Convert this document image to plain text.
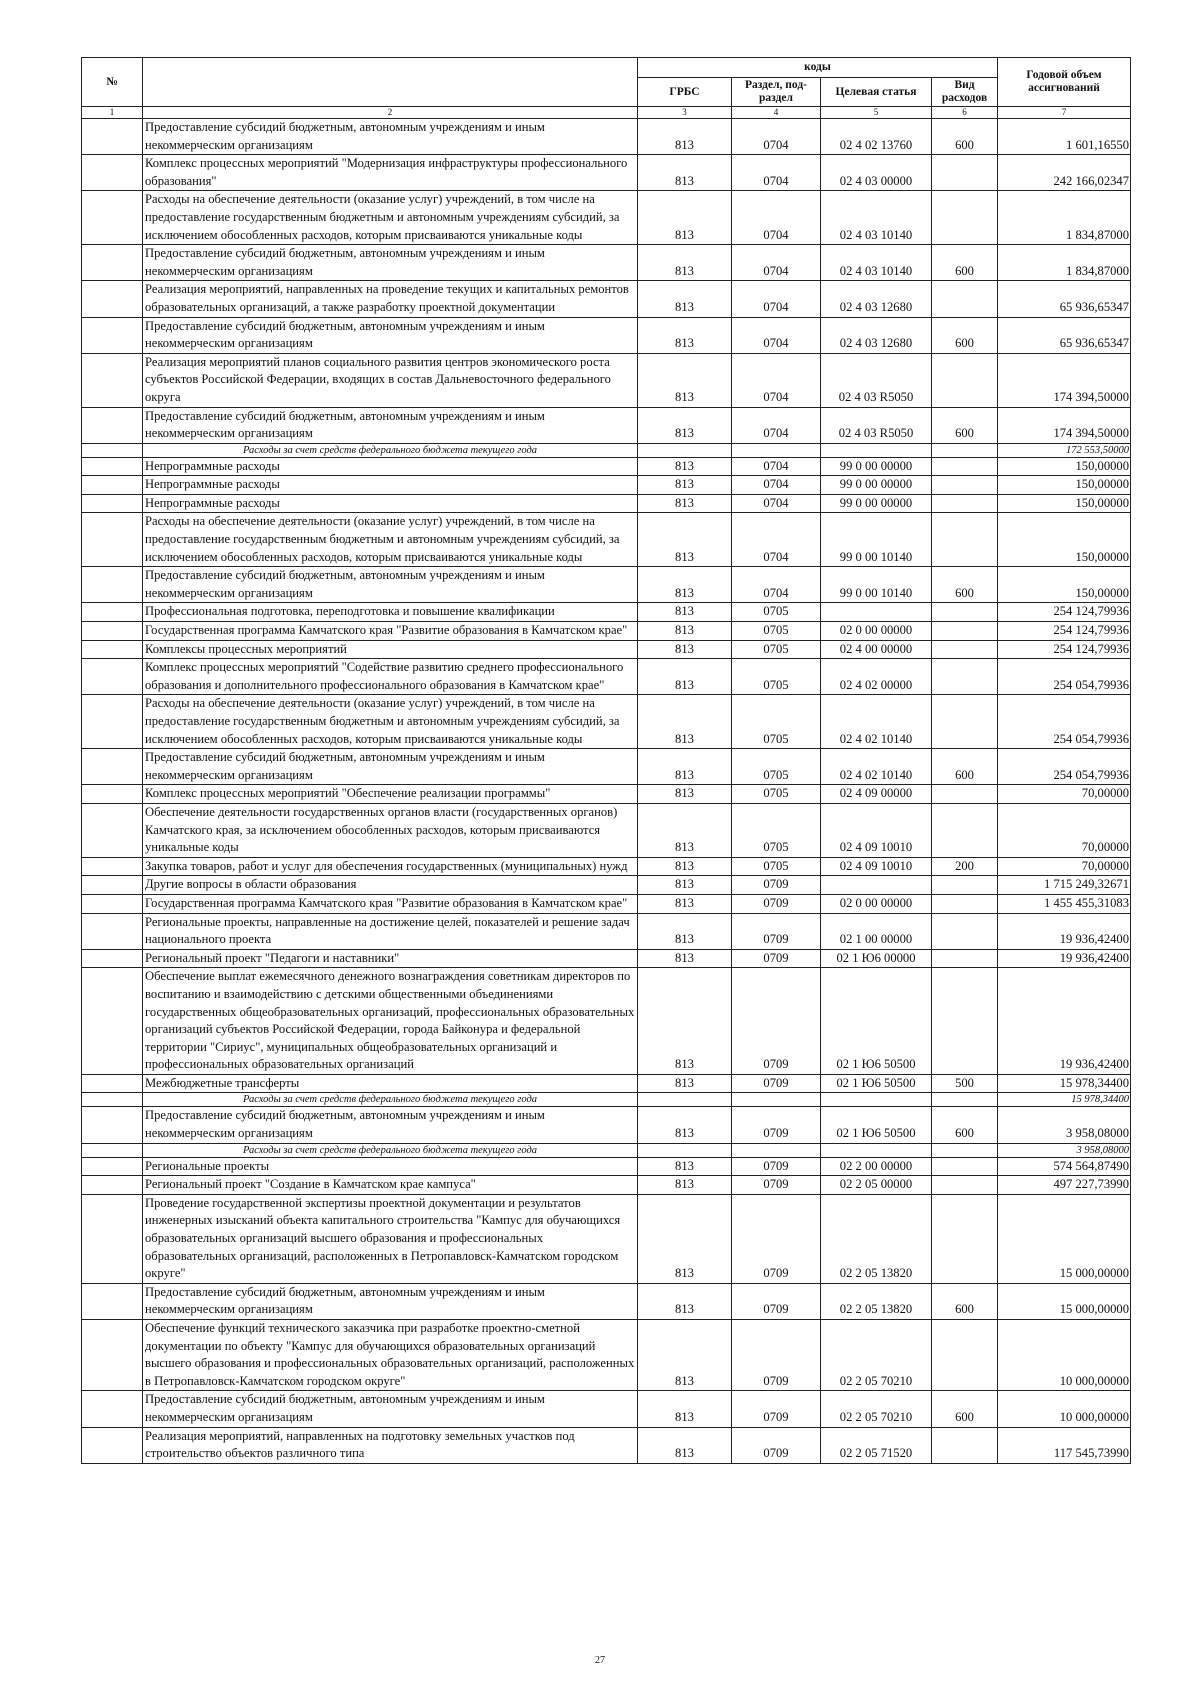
№		коды				Годовой объем ассигнований
		ГРБС	Раздел, под-раздел	Целевая статья	Вид расходов	
1	2	3	4	5	6	7
	Предоставление субсидий бюджетным, автономным учреждениям и иным некоммерческим организациям	813	0704	02 4 02 13760	600	1 601,16550
	Комплекс процессных мероприятий "Модернизация инфраструктуры профессионального образования"	813	0704	02 4 03 00000		242 166,02347
	Расходы на обеспечение деятельности (оказание услуг) учреждений, в том числе на предоставление государственным бюджетным и автономным учреждениям субсидий, за исключением обособленных расходов, которым присваиваются уникальные коды	813	0704	02 4 03 10140		1 834,87000
	Предоставление субсидий бюджетным, автономным учреждениям и иным некоммерческим организациям	813	0704	02 4 03 10140	600	1 834,87000
	Реализация мероприятий, направленных на проведение текущих и капитальных ремонтов образовательных организаций, а также разработку проектной документации	813	0704	02 4 03 12680		65 936,65347
	Предоставление субсидий бюджетным, автономным учреждениям и иным некоммерческим организациям	813	0704	02 4 03 12680	600	65 936,65347
	Реализация мероприятий планов социального развития центров экономического роста субъектов Российской Федерации, входящих в состав Дальневосточного федерального округа	813	0704	02 4 03 R5050		174 394,50000
	Предоставление субсидий бюджетным, автономным учреждениям и иным некоммерческим организациям	813	0704	02 4 03 R5050	600	174 394,50000
	Расходы за счет средств федерального бюджета текущего года					172 553,50000
	Непрограммные расходы	813	0704	99 0 00 00000		150,00000
	Непрограммные расходы	813	0704	99 0 00 00000		150,00000
	Непрограммные расходы	813	0704	99 0 00 00000		150,00000
	Расходы на обеспечение деятельности (оказание услуг) учреждений, в том числе на предоставление государственным бюджетным и автономным учреждениям субсидий, за исключением обособленных расходов, которым присваиваются уникальные коды	813	0704	99 0 00 10140		150,00000
	Предоставление субсидий бюджетным, автономным учреждениям и иным некоммерческим организациям	813	0704	99 0 00 10140	600	150,00000
	Профессиональная подготовка, переподготовка и повышение квалификации	813	0705			254 124,79936
	Государственная программа Камчатского края "Развитие образования в Камчатском крае"	813	0705	02 0 00 00000		254 124,79936
	Комплексы процессных мероприятий	813	0705	02 4 00 00000		254 124,79936
	Комплекс процессных мероприятий "Содействие развитию среднего профессионального образования и дополнительного профессионального образования в Камчатском крае"	813	0705	02 4 02 00000		254 054,79936
	Расходы на обеспечение деятельности (оказание услуг) учреждений, в том числе на предоставление государственным бюджетным и автономным учреждениям субсидий, за исключением обособленных расходов, которым присваиваются уникальные коды	813	0705	02 4 02 10140		254 054,79936
	Предоставление субсидий бюджетным, автономным учреждениям и иным некоммерческим организациям	813	0705	02 4 02 10140	600	254 054,79936
	Комплекс процессных мероприятий "Обеспечение реализации программы"	813	0705	02 4 09 00000		70,00000
	Обеспечение деятельности государственных органов власти (государственных органов) Камчатского края, за исключением обособленных расходов, которым присваиваются уникальные коды	813	0705	02 4 09 10010		70,00000
	Закупка товаров, работ и услуг для обеспечения государственных (муниципальных) нужд	813	0705	02 4 09 10010	200	70,00000
	Другие вопросы в области образования	813	0709			1 715 249,32671
	Государственная программа Камчатского края "Развитие образования в Камчатском крае"	813	0709	02 0 00 00000		1 455 455,31083
	Региональные проекты, направленные на достижение целей, показателей и решение задач национального проекта	813	0709	02 1 00 00000		19 936,42400
	Региональный проект "Педагоги и наставники"	813	0709	02 1 Ю6 00000		19 936,42400
	Обеспечение выплат ежемесячного денежного вознаграждения советникам директоров по воспитанию и взаимодействию с детскими общественными объединениями государственных общеобразовательных организаций, профессиональных образовательных организаций субъектов Российской Федерации, города Байконура и федеральной территории "Сириус", муниципальных общеобразовательных организаций и профессиональных образовательных организаций	813	0709	02 1 Ю6 50500		19 936,42400
	Межбюджетные трансферты	813	0709	02 1 Ю6 50500	500	15 978,34400
	Расходы за счет средств федерального бюджета текущего года					15 978,34400
	Предоставление субсидий бюджетным, автономным учреждениям и иным некоммерческим организациям	813	0709	02 1 Ю6 50500	600	3 958,08000
	Расходы за счет средств федерального бюджета текущего года					3 958,08000
	Региональные проекты	813	0709	02 2 00 00000		574 564,87490
	Региональный проект "Создание в Камчатском крае кампуса"	813	0709	02 2 05 00000		497 227,73990
	Проведение государственной экспертизы проектной документации и результатов инженерных изысканий объекта капитального строительства "Кампус для обучающихся образовательных организаций высшего образования и профессиональных образовательных организаций, расположенных в Петропавловск-Камчатском городском округе"	813	0709	02 2 05 13820		15 000,00000
	Предоставление субсидий бюджетным, автономным учреждениям и иным некоммерческим организациям	813	0709	02 2 05 13820	600	15 000,00000
	Обеспечение функций технического заказчика при разработке проектно-сметной документации по объекту "Кампус для обучающихся образовательных организаций высшего образования и профессиональных образовательных организаций, расположенных в Петропавловск-Камчатском городском округе"	813	0709	02 2 05 70210		10 000,00000
	Предоставление субсидий бюджетным, автономным учреждениям и иным некоммерческим организациям	813	0709	02 2 05 70210	600	10 000,00000
	Реализация мероприятий, направленных на подготовку земельных участков под строительство объектов различного типа	813	0709	02 2 05 71520		117 545,73990
27
